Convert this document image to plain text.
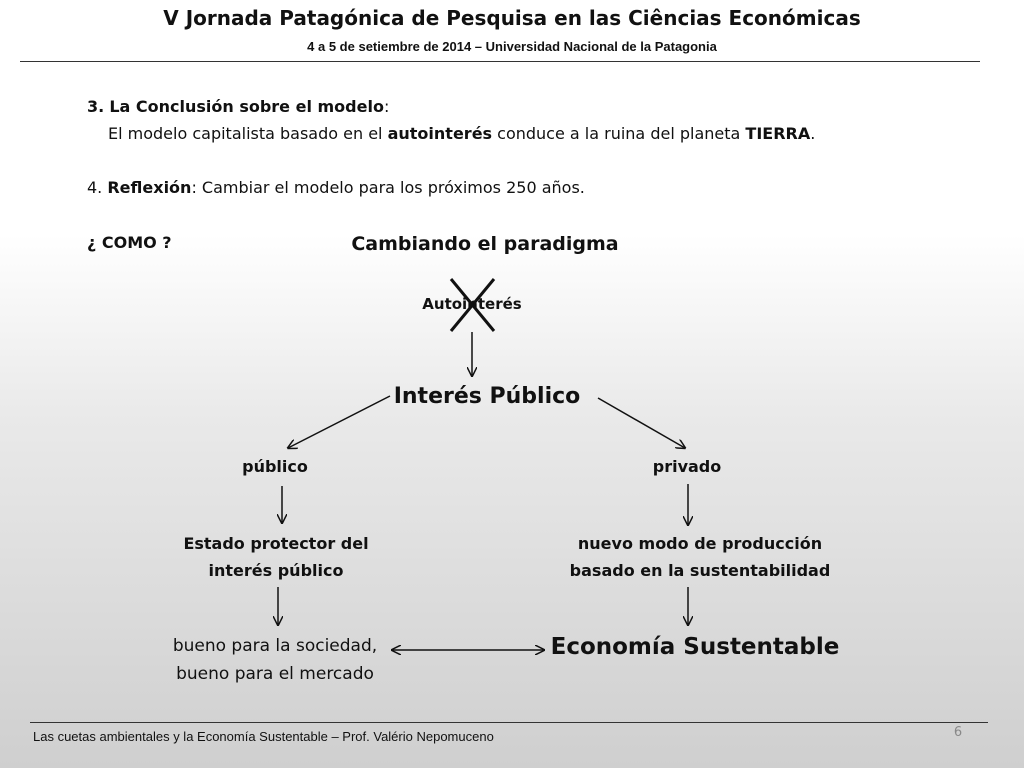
V Jornada Patagónica de Pesquisa en las Ciências Económicas
4 a 5 de setiembre de 2014 – Universidad Nacional de la Patagonia
3. La Conclusión sobre el modelo:
El modelo capitalista basado en el autointerés conduce a la ruina del planeta TIERRA.
4. Reflexión: Cambiar el modelo para los próximos 250 años.
¿ COMO ?	Cambiando el paradigma
Autointerés
Interés Público
público	privado
Estado protector del
interés público
nuevo modo de producción
basado en la sustentabilidad
bueno para la sociedad,
bueno para el mercado
Economía Sustentable
Las cuetas ambientales y la Economía Sustentable – Prof. Valério Nepomuceno	6
